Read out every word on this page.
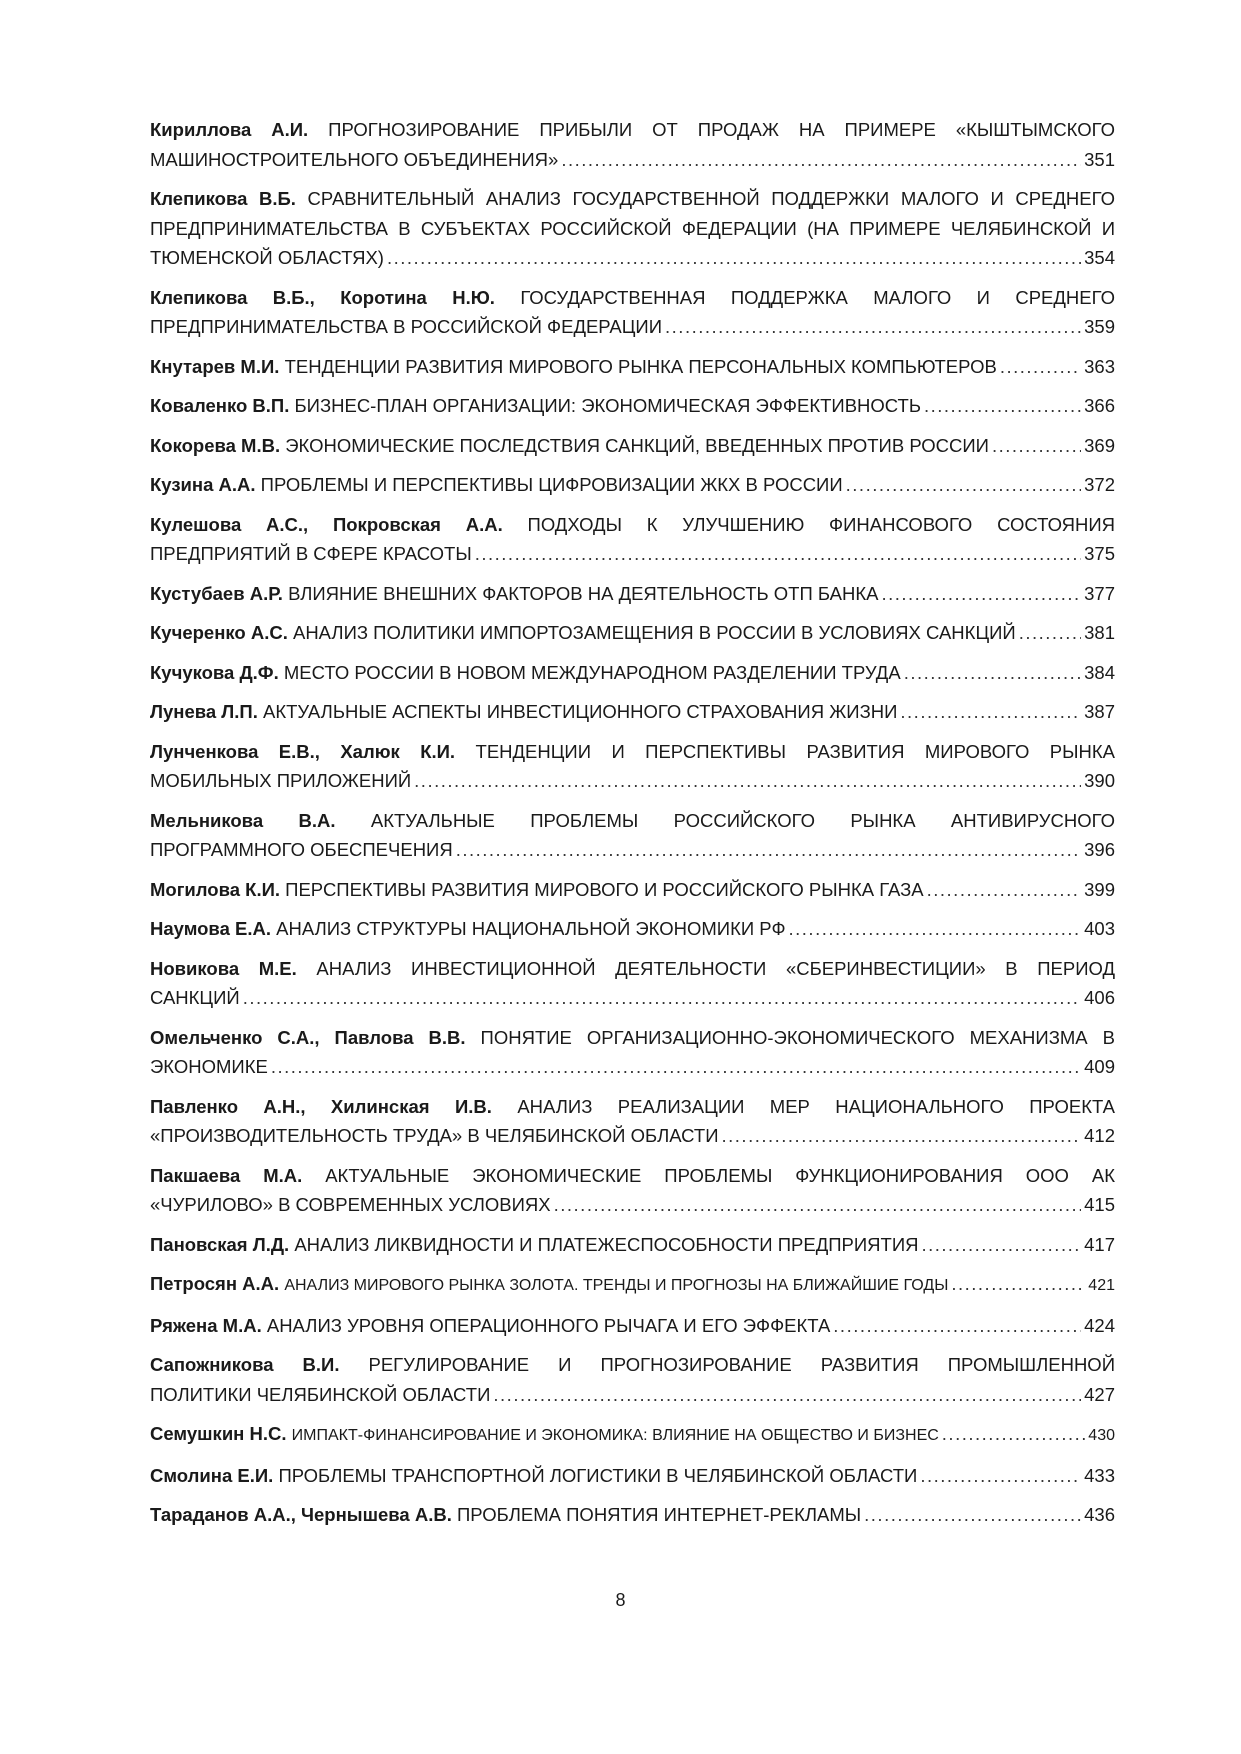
Кириллова А.И. ПРОГНОЗИРОВАНИЕ ПРИБЫЛИ ОТ ПРОДАЖ НА ПРИМЕРЕ «КЫШТЫМСКОГО
МАШИНОСТРОИТЕЛЬНОГО ОБЪЕДИНЕНИЯ» .....	351
Клепикова В.Б. СРАВНИТЕЛЬНЫЙ АНАЛИЗ ГОСУДАРСТВЕННОЙ ПОДДЕРЖКИ МАЛОГО И СРЕДНЕГО
ПРЕДПРИНИМАТЕЛЬСТВА В СУБЪЕКТАХ РОССИЙСКОЙ ФЕДЕРАЦИИ (НА ПРИМЕРЕ ЧЕЛЯБИНСКОЙ И
ТЮМЕНСКОЙ ОБЛАСТЯХ) .....	354
Клепикова В.Б., Коротина Н.Ю. ГОСУДАРСТВЕННАЯ ПОДДЕРЖКА МАЛОГО И СРЕДНЕГО
ПРЕДПРИНИМАТЕЛЬСТВА В РОССИЙСКОЙ ФЕДЕРАЦИИ .....	359
Кнутарев М.И. ТЕНДЕНЦИИ РАЗВИТИЯ МИРОВОГО РЫНКА ПЕРСОНАЛЬНЫХ КОМПЬЮТЕРОВ .....	363
Коваленко В.П. БИЗНЕС-ПЛАН ОРГАНИЗАЦИИ: ЭКОНОМИЧЕСКАЯ ЭФФЕКТИВНОСТЬ .....	366
Кокорева М.В. ЭКОНОМИЧЕСКИЕ ПОСЛЕДСТВИЯ САНКЦИЙ, ВВЕДЕННЫХ ПРОТИВ РОССИИ .....	369
Кузина А.А. ПРОБЛЕМЫ И ПЕРСПЕКТИВЫ ЦИФРОВИЗАЦИИ ЖКХ В РОССИИ .....	372
Кулешова А.С., Покровская А.А. ПОДХОДЫ К УЛУЧШЕНИЮ ФИНАНСОВОГО СОСТОЯНИЯ
ПРЕДПРИЯТИЙ В СФЕРЕ КРАСОТЫ .....	375
Кустубаев А.Р. ВЛИЯНИЕ ВНЕШНИХ ФАКТОРОВ НА ДЕЯТЕЛЬНОСТЬ ОТП БАНКА .....	377
Кучеренко А.С. АНАЛИЗ ПОЛИТИКИ ИМПОРТОЗАМЕЩЕНИЯ В РОССИИ В УСЛОВИЯХ САНКЦИЙ .....	381
Кучукова Д.Ф. МЕСТО РОССИИ В НОВОМ МЕЖДУНАРОДНОМ РАЗДЕЛЕНИИ ТРУДА .....	384
Лунева Л.П. АКТУАЛЬНЫЕ АСПЕКТЫ ИНВЕСТИЦИОННОГО СТРАХОВАНИЯ ЖИЗНИ .....	387
Лунченкова Е.В., Халюк К.И. ТЕНДЕНЦИИ И ПЕРСПЕКТИВЫ РАЗВИТИЯ МИРОВОГО РЫНКА
МОБИЛЬНЫХ ПРИЛОЖЕНИЙ .....	390
Мельникова В.А. АКТУАЛЬНЫЕ ПРОБЛЕМЫ РОССИЙСКОГО РЫНКА АНТИВИРУСНОГО
ПРОГРАММНОГО ОБЕСПЕЧЕНИЯ .....	396
Могилова К.И. ПЕРСПЕКТИВЫ РАЗВИТИЯ МИРОВОГО И РОССИЙСКОГО РЫНКА ГАЗА .....	399
Наумова Е.А. АНАЛИЗ СТРУКТУРЫ НАЦИОНАЛЬНОЙ ЭКОНОМИКИ РФ .....	403
Новикова М.Е. АНАЛИЗ ИНВЕСТИЦИОННОЙ ДЕЯТЕЛЬНОСТИ «СБЕРИНВЕСТИЦИИ» В ПЕРИОД
САНКЦИЙ .....	406
Омельченко С.А., Павлова В.В. ПОНЯТИЕ ОРГАНИЗАЦИОННО-ЭКОНОМИЧЕСКОГО МЕХАНИЗМА В
ЭКОНОМИКЕ .....	409
Павленко А.Н., Хилинская И.В. АНАЛИЗ РЕАЛИЗАЦИИ МЕР НАЦИОНАЛЬНОГО ПРОЕКТА
«ПРОИЗВОДИТЕЛЬНОСТЬ ТРУДА» В ЧЕЛЯБИНСКОЙ ОБЛАСТИ .....	412
Пакшаева М.А. АКТУАЛЬНЫЕ ЭКОНОМИЧЕСКИЕ ПРОБЛЕМЫ ФУНКЦИОНИРОВАНИЯ ООО АК
«ЧУРИЛОВО» В СОВРЕМЕННЫХ УСЛОВИЯХ .....	415
Пановская Л.Д. АНАЛИЗ ЛИКВИДНОСТИ И ПЛАТЕЖЕСПОСОБНОСТИ ПРЕДПРИЯТИЯ .....	417
Петросян А.А. АНАЛИЗ МИРОВОГО РЫНКА ЗОЛОТА. ТРЕНДЫ И ПРОГНОЗЫ НА БЛИЖАЙШИЕ ГОДЫ .....	421
Ряжена М.А. АНАЛИЗ УРОВНЯ ОПЕРАЦИОННОГО РЫЧАГА И ЕГО ЭФФЕКТА .....	424
Сапожникова В.И. РЕГУЛИРОВАНИЕ И ПРОГНОЗИРОВАНИЕ РАЗВИТИЯ ПРОМЫШЛЕННОЙ
ПОЛИТИКИ ЧЕЛЯБИНСКОЙ ОБЛАСТИ .....	427
Семушкин Н.С. ИМПАКТ-ФИНАНСИРОВАНИЕ И ЭКОНОМИКА: ВЛИЯНИЕ НА ОБЩЕСТВО И БИЗНЕС .....	430
Смолина Е.И. ПРОБЛЕМЫ ТРАНСПОРТНОЙ ЛОГИСТИКИ В ЧЕЛЯБИНСКОЙ ОБЛАСТИ .....	433
Тараданов А.А., Чернышева А.В. ПРОБЛЕМА ПОНЯТИЯ ИНТЕРНЕТ-РЕКЛАМЫ .....	436
8
